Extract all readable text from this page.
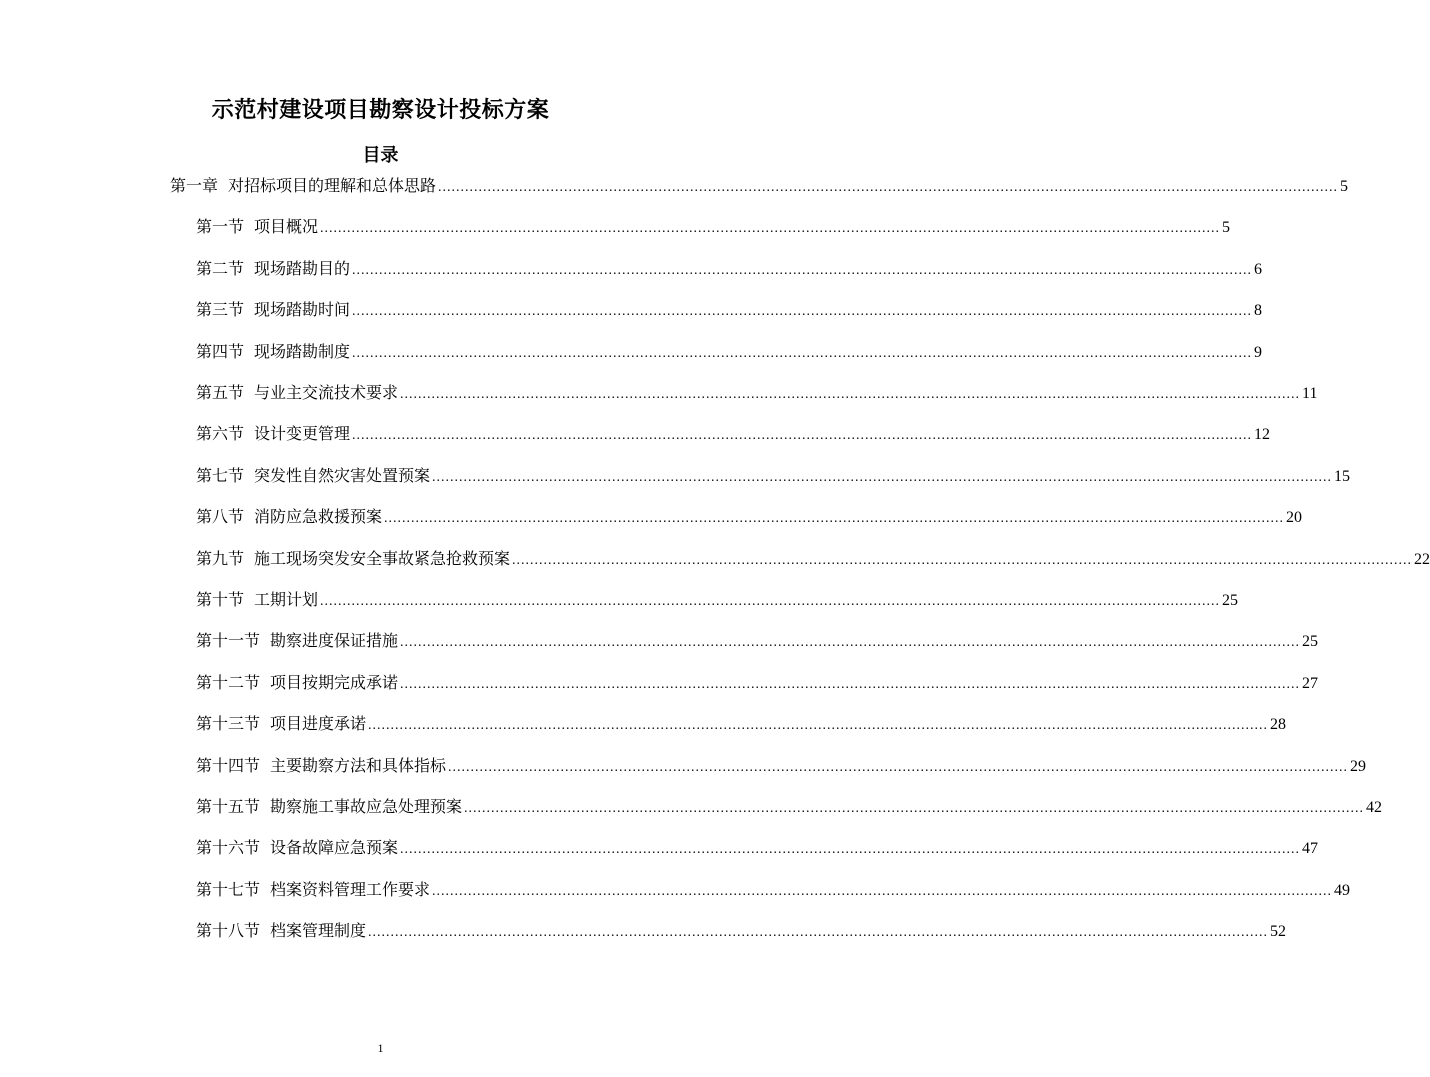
示范村建设项目勘察设计投标方案
目录
第一章 对招标项目的理解和总体思路 ........................................................................................................................................................................................................ 5
第一节 项目概况 ........................................................................................................................................................................................................ 5
第二节 现场踏勘目的 ........................................................................................................................................................................................................ 6
第三节 现场踏勘时间 ........................................................................................................................................................................................................ 8
第四节 现场踏勘制度 ........................................................................................................................................................................................................ 9
第五节 与业主交流技术要求 ........................................................................................................................................................................................................ 11
第六节 设计变更管理 ........................................................................................................................................................................................................ 12
第七节 突发性自然灾害处置预案 ........................................................................................................................................................................................................ 15
第八节 消防应急救援预案 ........................................................................................................................................................................................................ 20
第九节 施工现场突发安全事故紧急抢救预案 ........................................................................................................................................................................................................ 22
第十节 工期计划 ........................................................................................................................................................................................................ 25
第十一节 勘察进度保证措施 ........................................................................................................................................................................................................ 25
第十二节 项目按期完成承诺 ........................................................................................................................................................................................................ 27
第十三节 项目进度承诺 ........................................................................................................................................................................................................ 28
第十四节 主要勘察方法和具体指标 ........................................................................................................................................................................................................ 29
第十五节 勘察施工事故应急处理预案 ........................................................................................................................................................................................................ 42
第十六节 设备故障应急预案 ........................................................................................................................................................................................................ 47
第十七节 档案资料管理工作要求 ........................................................................................................................................................................................................ 49
第十八节 档案管理制度 ........................................................................................................................................................................................................ 52
1
